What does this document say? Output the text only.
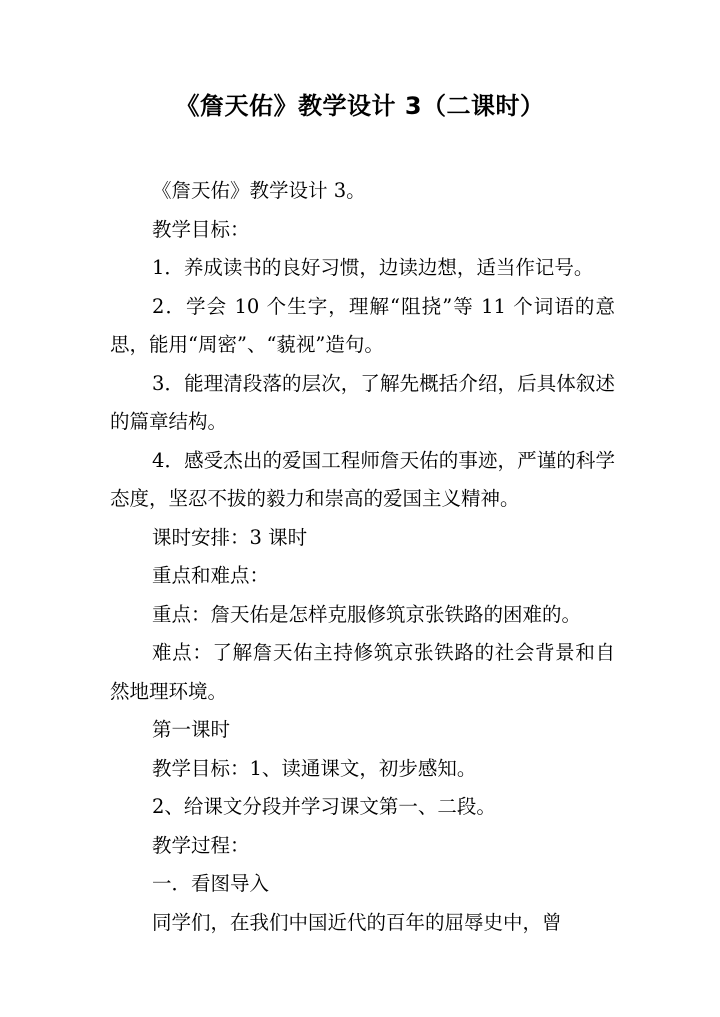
《詹天佑》教学设计 3（二课时）

《詹天佑》教学设计 3。

教学目标：

1．养成读书的良好习惯，边读边想，适当作记号。

2．学会 10 个生字，理解“阻挠”等 11 个词语的意思，能用“周密”、“藐视”造句。

3．能理清段落的层次，了解先概括介绍，后具体叙述的篇章结构。

4．感受杰出的爱国工程师詹天佑的事迹，严谨的科学态度，坚忍不拔的毅力和崇高的爱国主义精神。

课时安排：3 课时

重点和难点：

重点：詹天佑是怎样克服修筑京张铁路的困难的。

难点：了解詹天佑主持修筑京张铁路的社会背景和自然地理环境。

第一课时

教学目标：1、读通课文，初步感知。

2、给课文分段并学习课文第一、二段。

教学过程：

一．看图导入

同学们，在我们中国近代的百年的屈辱史中，曾
